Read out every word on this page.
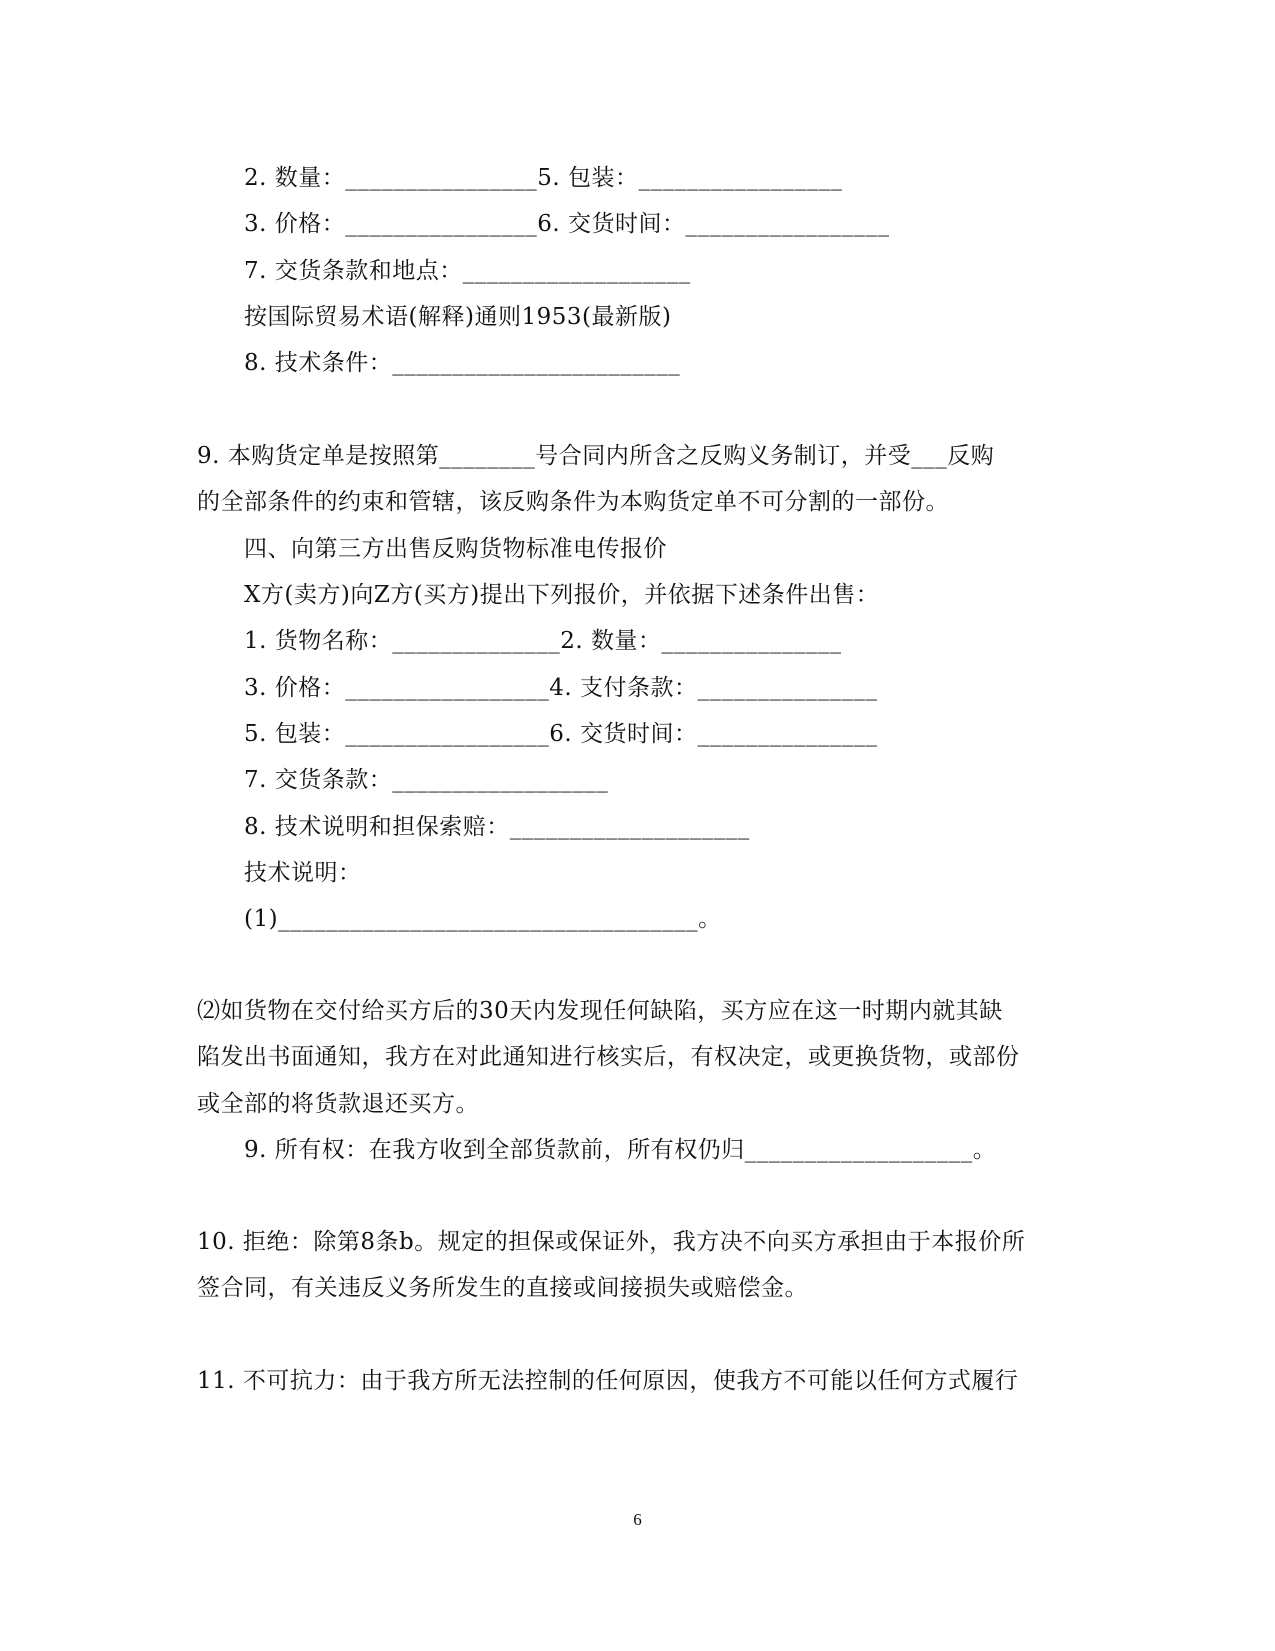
2. 数量：________________5. 包装：_________________
3. 价格：________________6. 交货时间：_________________
7. 交货条款和地点：___________________
按国际贸易术语(解释)通则1953(最新版)
8. 技术条件：________________________
9. 本购货定单是按照第________号合同内所含之反购义务制订，并受___反购
的全部条件的约束和管辖，该反购条件为本购货定单不可分割的一部份。
四、向第三方出售反购货物标准电传报价
X方(卖方)向Z方(买方)提出下列报价，并依据下述条件出售：
1. 货物名称：______________2. 数量：_______________
3. 价格：_________________4. 支付条款：_______________
5. 包装：_________________6. 交货时间：_______________
7. 交货条款：__________________
8. 技术说明和担保索赔：____________________
技术说明：
(1)___________________________________。
⑵如货物在交付给买方后的30天内发现任何缺陷，买方应在这一时期内就其缺
陷发出书面通知，我方在对此通知进行核实后，有权决定，或更换货物，或部份
或全部的将货款退还买方。
9. 所有权：在我方收到全部货款前，所有权仍归___________________。
10. 拒绝：除第8条b。规定的担保或保证外，我方决不向买方承担由于本报价所
签合同，有关违反义务所发生的直接或间接损失或赔偿金。
11. 不可抗力：由于我方所无法控制的任何原因，使我方不可能以任何方式履行
6
